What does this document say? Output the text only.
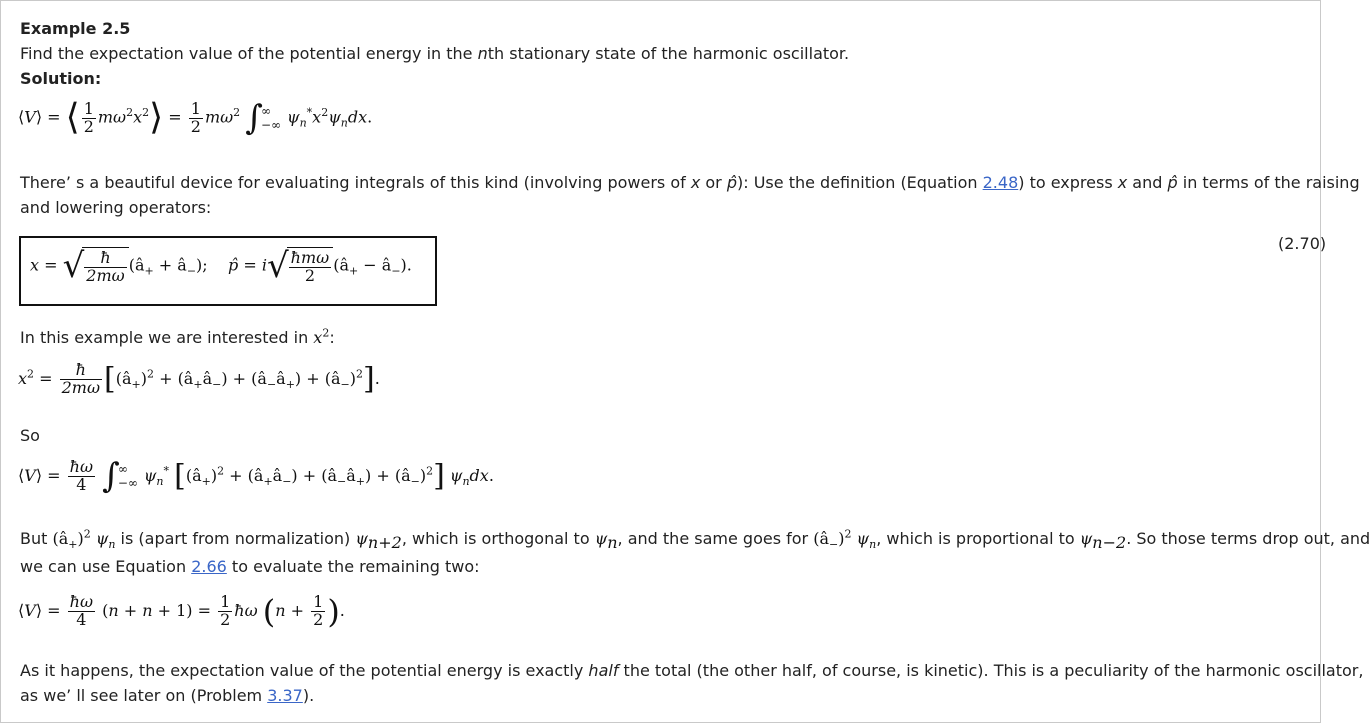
Example 2.5
Find the expectation value of the potential energy in the nth stationary state of the harmonic oscillator.
Solution:
⟨V⟩ = ⟨ $\frac{1}{2}$ $m\omega^2x^2⟩ = \frac{1}{2} m\omega^2$ ∫
∞
−∞ $\psi_n^*x^2\psi_ndx$.
There’ s a beautiful device for evaluating integrals of this kind (involving powers of x or p̂): Use the definition (Equation 2.48) to express x and p̂ in terms of the raising
and lowering operators:
x = √ $\frac{ħ}{2m\omega}$ ($â_+$ + $â_-$);    p̂ = $i√ \frac{\text{ħmω}}{2}$ ($â_+$ − $â_-$).
(2.70)
In this example we are interested in $x^2$:
$x^2 = \frac{ħ}{2m\omega}$ [$(â_+)^2$ + $(â_+â_-)$ + $(â_-â_+)$ + $(â_-)^2$].
So
⟨V⟩ = $\frac{ħ\omega}{4}$ ∫
∞
−∞ $\psi_n^*$ [$(â_+)^2$ + $(â_+â_-)$ + $(â_-â_+)$ + $(â_-)^2$] $\psi_ndx$.
But $(â_+)^2$ $\psi_n$ is (apart from normalization) $\psi_{n+2}$, which is orthogonal to $\psi_n$, and the same goes for $(â_-)^2$ $\psi_n$, which is proportional to $\psi_{n-2}$. So those terms drop out, and
we can use Equation 2.66 to evaluate the remaining two:
⟨V⟩ = $\frac{ħ\omega}{4} (n + n + 1) = \frac{1}{2}$ ħω ($n + \frac{1}{2}$ ).
As it happens, the expectation value of the potential energy is exactly half the total (the other half, of course, is kinetic). This is a peculiarity of the harmonic oscillator,
as we’ ll see later on (Problem 3.37).
